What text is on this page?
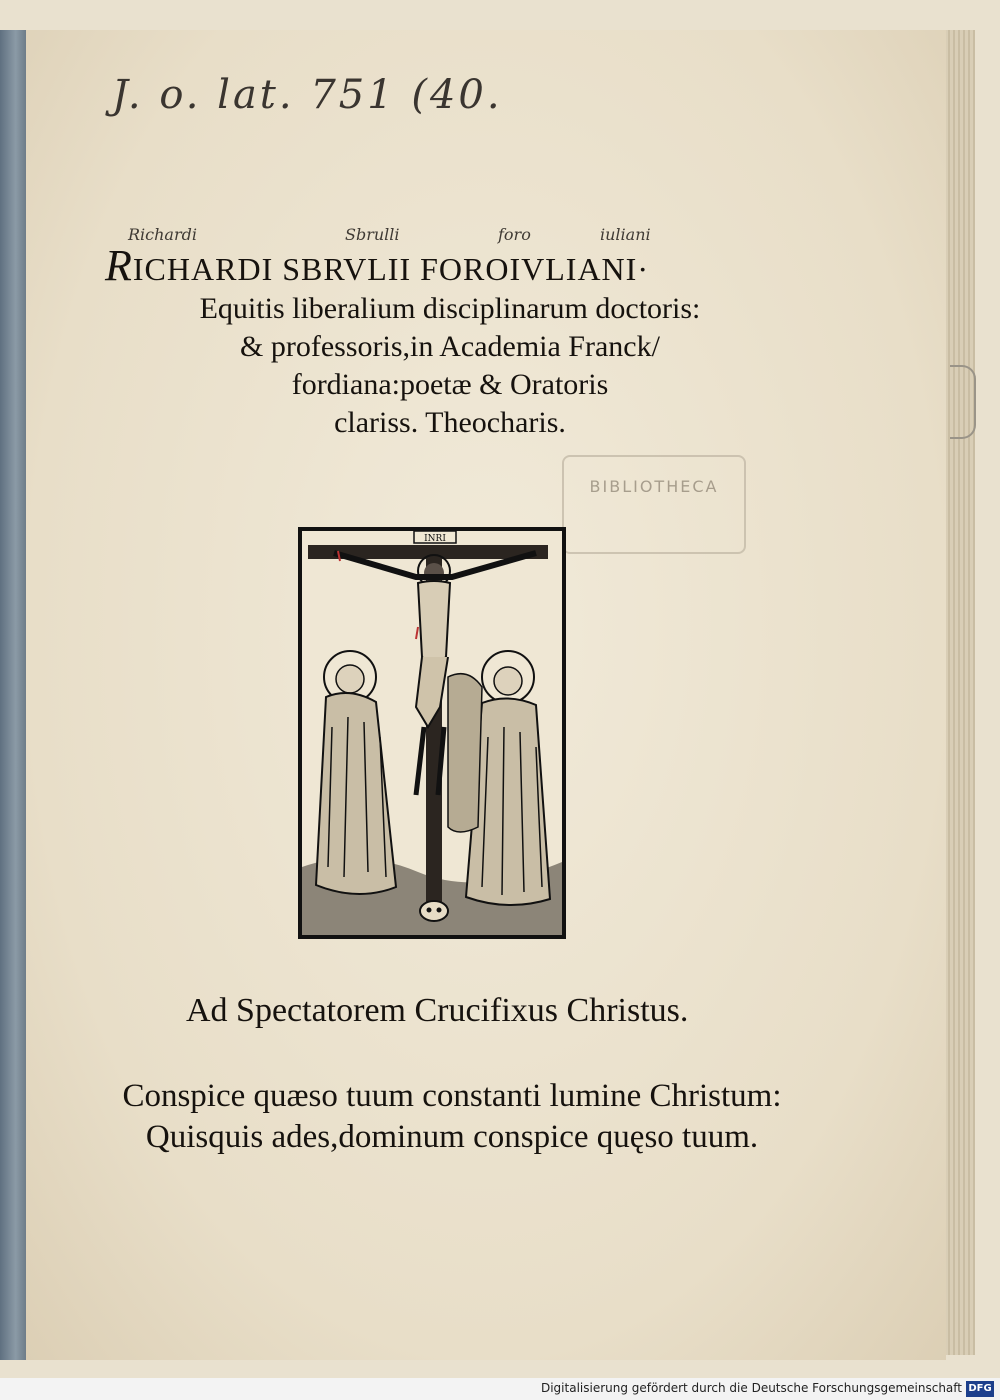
BIBLIOTHECA
J. o. lat. 751 (40.
Richardi	Sbrulli	foro	iuliani
RICHARDI SBRVLII FOROIVLIANI·
Equitis liberalium disciplinarum doctoris:
& professoris,in Academia Franck/
fordiana:poetæ & Oratoris
clariss. Theocharis.
INRI
Ad Spectatorem Crucifixus Christus.
Conspice quæso tuum constanti lumine Christum:
Quisquis ades,dominum conspice quęso tuum.
Digitalisierung gefördert durch die Deutsche Forschungsgemeinschaft DFG
